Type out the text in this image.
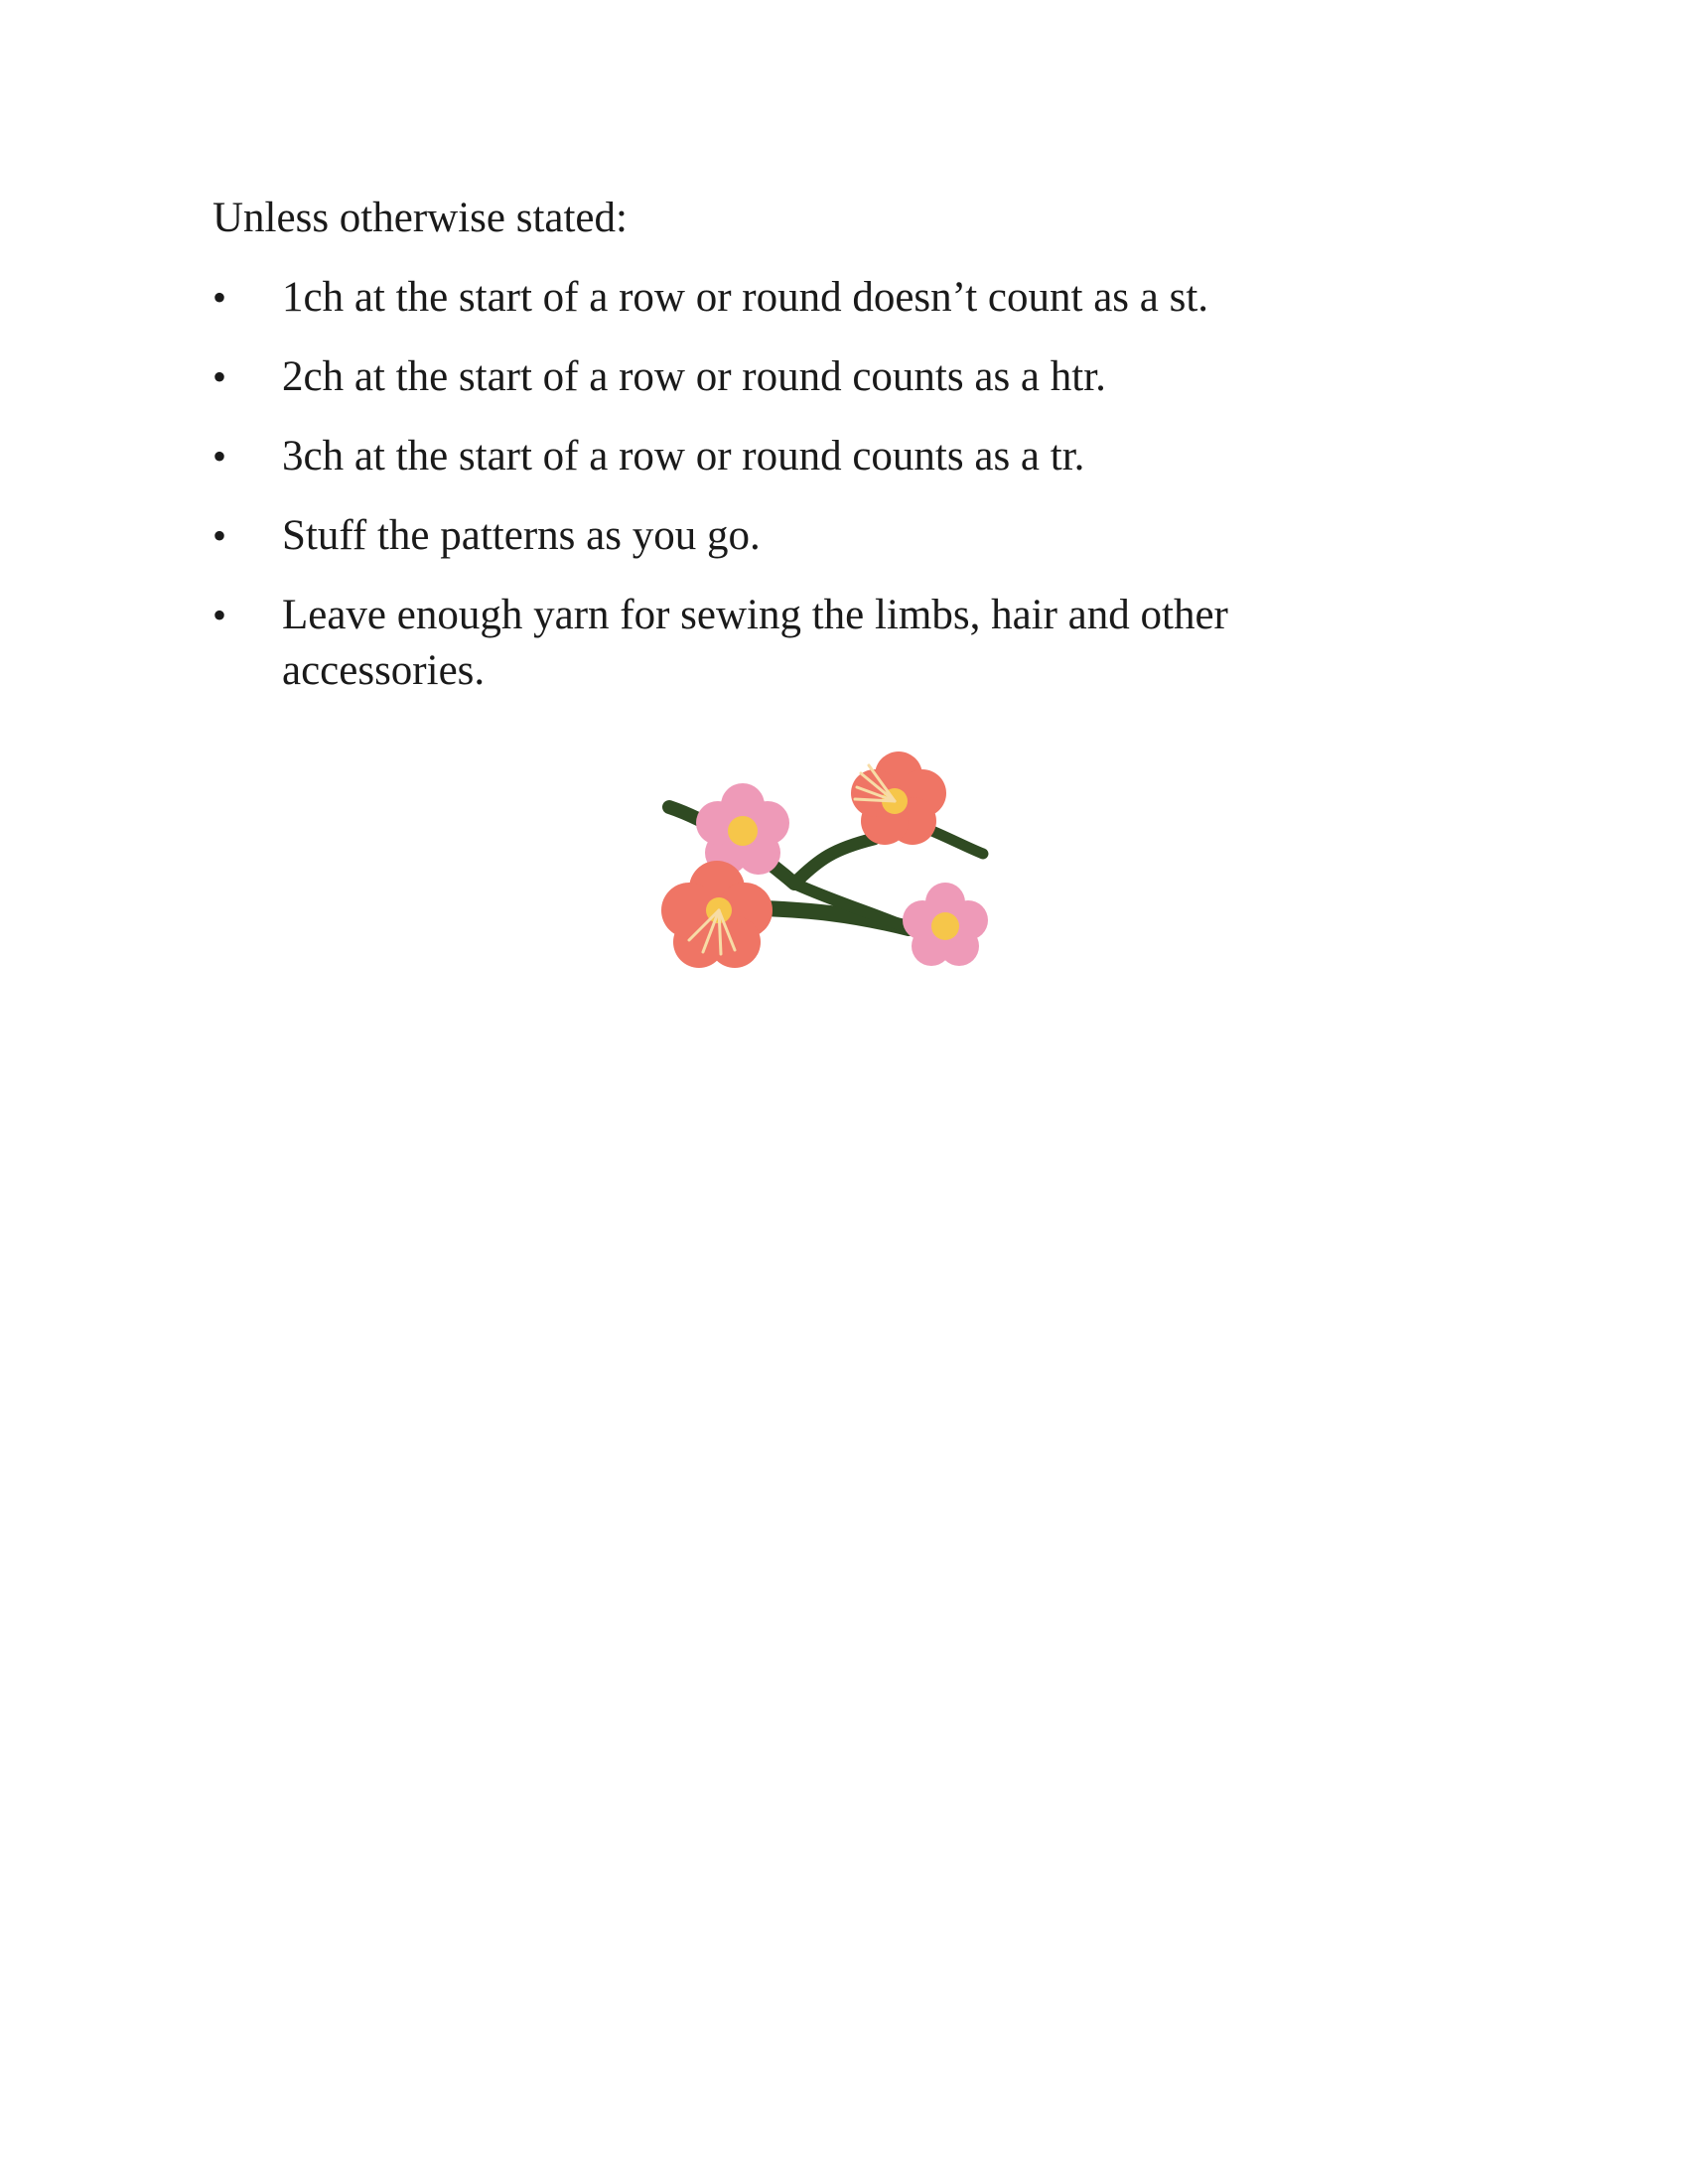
Unless otherwise stated:

•	1ch at the start of a row or round doesn’t count as a st.
•	2ch at the start of a row or round counts as a htr.
•	3ch at the start of a row or round counts as a tr.
•	Stuff the patterns as you go.
•	Leave enough yarn for sewing the limbs, hair and other accessories.
